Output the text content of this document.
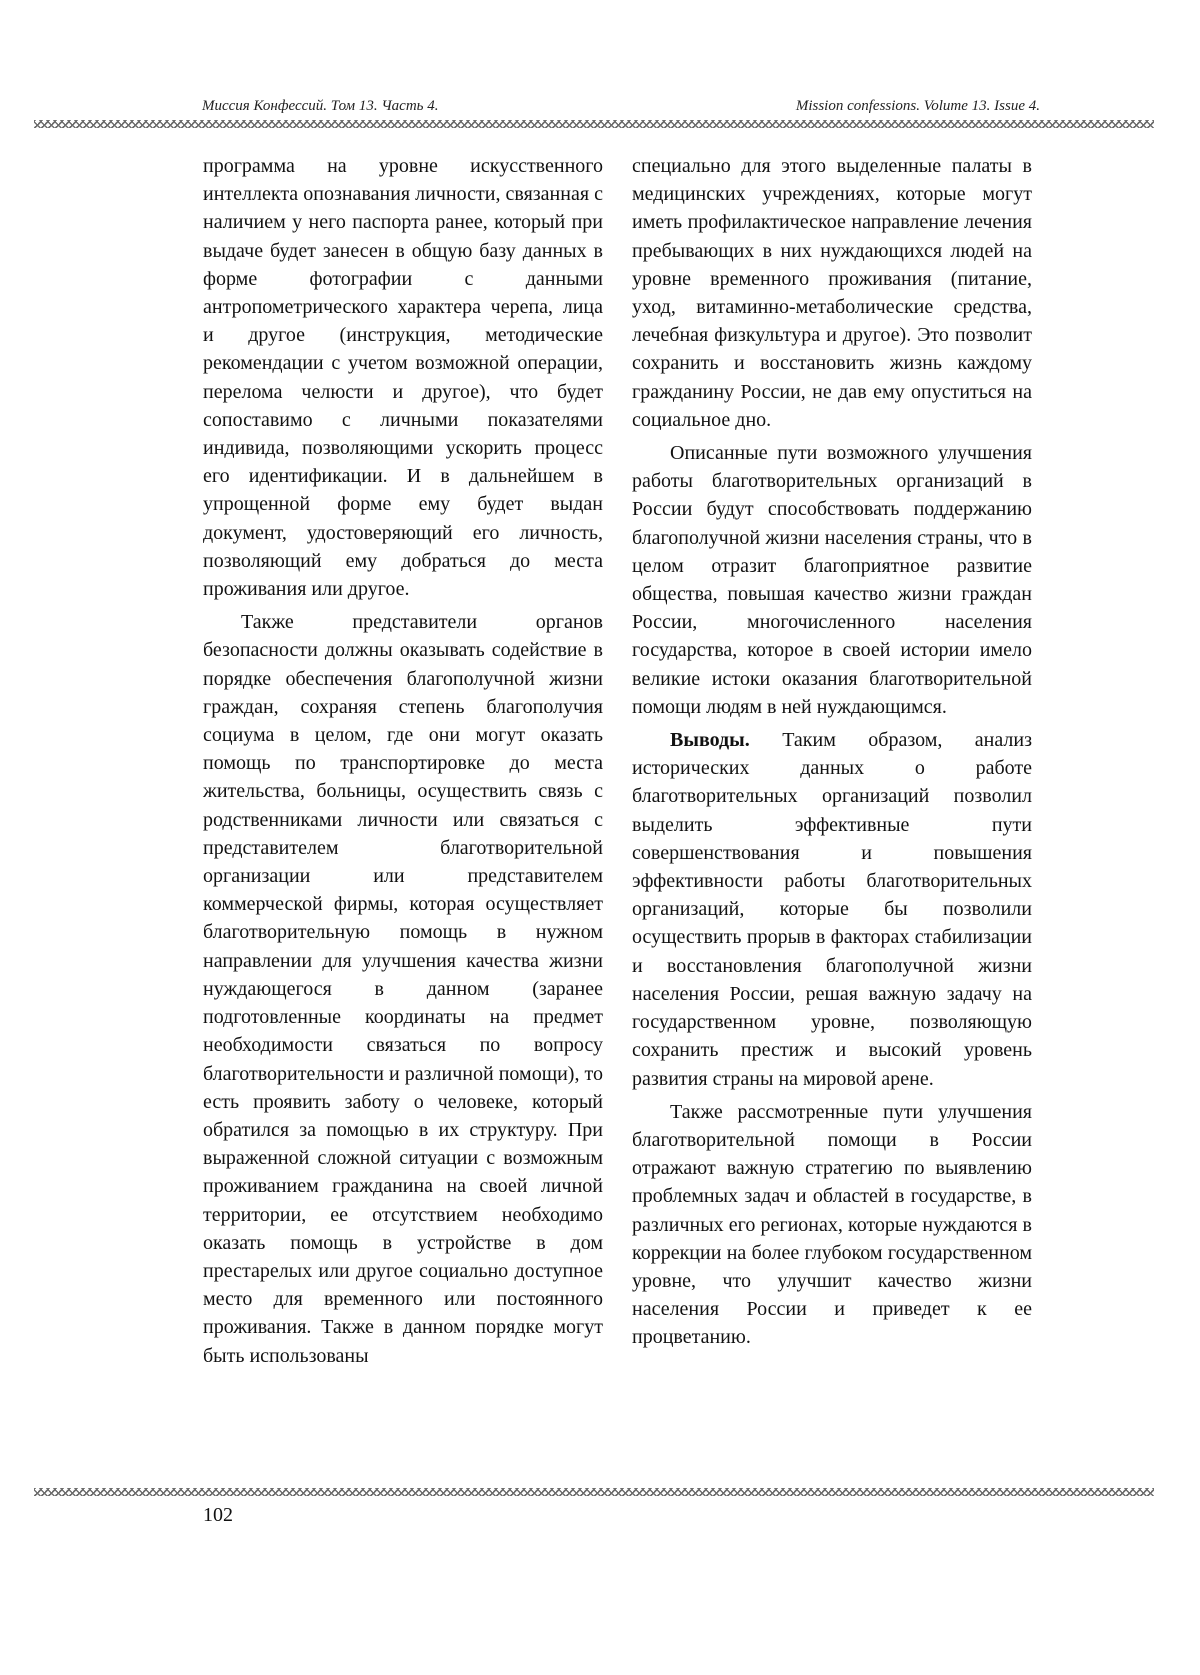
Миссия Конфессий. Том 13. Часть 4.	Mission confessions. Volume 13. Issue 4.

программа на уровне искусственного интеллекта опознавания личности, связанная с наличием у него паспорта ранее, который при выдаче будет занесен в общую базу данных в форме фотографии с данными антропометрического характера черепа, лица и другое (инструкция, методические рекомендации с учетом возможной операции, перелома челюсти и другое), что будет сопоставимо с личными показателями индивида, позволяющими ускорить процесс его идентификации. И в дальнейшем в упрощенной форме ему будет выдан документ, удостоверяющий его личность, позволяющий ему добраться до места проживания или другое.

Также представители органов безопасности должны оказывать содействие в порядке обеспечения благополучной жизни граждан, сохраняя степень благополучия социума в целом, где они могут оказать помощь по транспортировке до места жительства, больницы, осуществить связь с родственниками личности или связаться с представителем благотворительной организации или представителем коммерческой фирмы, которая осуществляет благотворительную помощь в нужном направлении для улучшения качества жизни нуждающегося в данном (заранее подготовленные координаты на предмет необходимости связаться по вопросу благотворительности и различной помощи), то есть проявить заботу о человеке, который обратился за помощью в их структуру. При выраженной сложной ситуации с возможным проживанием гражданина на своей личной территории, ее отсутствием необходимо оказать помощь в устройстве в дом престарелых или другое социально доступное место для временного или постоянного проживания. Также в данном порядке могут быть использованы

специально для этого выделенные палаты в медицинских учреждениях, которые могут иметь профилактическое направление лечения пребывающих в них нуждающихся людей на уровне временного проживания (питание, уход, витаминно-метаболические средства, лечебная физкультура и другое). Это позволит сохранить и восстановить жизнь каждому гражданину России, не дав ему опуститься на социальное дно.

Описанные пути возможного улучшения работы благотворительных организаций в России будут способствовать поддержанию благополучной жизни населения страны, что в целом отразит благоприятное развитие общества, повышая качество жизни граждан России, многочисленного населения государства, которое в своей истории имело великие истоки оказания благотворительной помощи людям в ней нуждающимся.

Выводы. Таким образом, анализ исторических данных о работе благотворительных организаций позволил выделить эффективные пути совершенствования и повышения эффективности работы благотворительных организаций, которые бы позволили осуществить прорыв в факторах стабилизации и восстановления благополучной жизни населения России, решая важную задачу на государственном уровне, позволяющую сохранить престиж и высокий уровень развития страны на мировой арене.

Также рассмотренные пути улучшения благотворительной помощи в России отражают важную стратегию по выявлению проблемных задач и областей в государстве, в различных его регионах, которые нуждаются в коррекции на более глубоком государственном уровне, что улучшит качество жизни населения России и приведет к ее процветанию.

102
